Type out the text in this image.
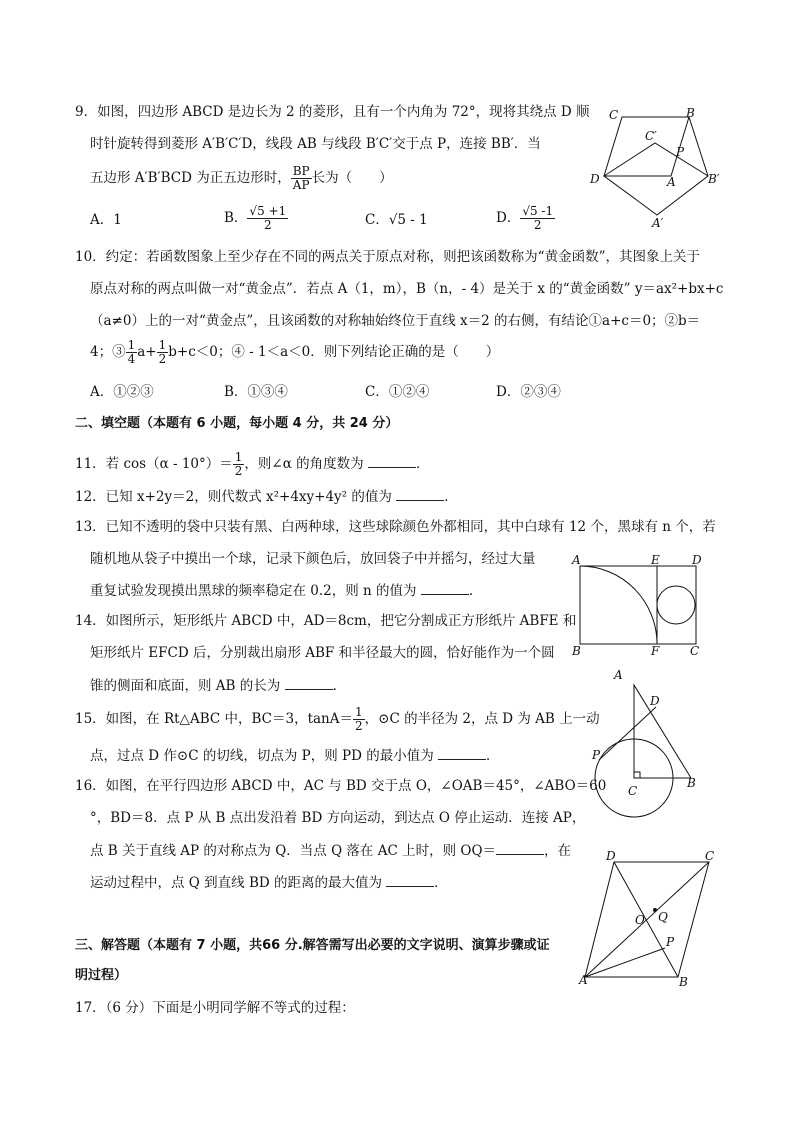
9．如图，四边形 ABCD 是边长为 2 的菱形，且有一个内角为 72°，现将其绕点 D 顺
时针旋转得到菱形 A′B′C′D，线段 AB 与线段 B′C′交于点 P，连接 BB′．当
五边形 A′B′BCD 为正五边形时， $\frac{BP}{AP}$ 长为（　　）
A．1	B． $\frac{√5 +1}{2}$	C．√5 - 1	D． $\frac{√5 -1}{2}$
C	B
C′
P
D	A	B′
A′
10．约定：若函数图象上至少存在不同的两点关于原点对称，则把该函数称为“黄金函数”，其图象上关于
原点对称的两点叫做一对“黄金点”．若点 A（1，m），B（n，- 4）是关于 x 的“黄金函数” y＝ax²+bx+c
（a≠0）上的一对“黄金点”，且该函数的对称轴始终位于直线 x＝2 的右侧，有结论①a+c＝0；②b＝
4；③ $\frac{1}{4} a+ \frac{1}{2} b+c<0$；④ - 1＜a＜0．则下列结论正确的是（　　）
A．①②③	B．①③④	C．①②④	D．②③④
二、填空题（本题有 6 小题，每小题 4 分，共 24 分）
11．若 $\cos(\alpha - 10^\circ)= \frac{1}{2}$ ，则∠α 的角度数为	．
12．已知 x+2y＝2，则代数式 x²+4xy+4y² 的值为	．
13．已知不透明的袋中只装有黑、白两种球，这些球除颜色外都相同，其中白球有 12 个，黑球有 n 个，若
随机地从袋子中摸出一个球，记录下颜色后，放回袋子中并摇匀，经过大量
重复试验发现摸出黑球的频率稳定在 0.2，则 n 的值为	．
14．如图所示，矩形纸片 ABCD 中，AD＝8cm，把它分割成正方形纸片 ABFE 和
矩形纸片 EFCD 后，分别裁出扇形 ABF 和半径最大的圆，恰好能作为一个圆
锥的侧面和底面，则 AB 的长为	．
A	E	D
B	F	C
15．如图，在 Rt△ABC 中，BC＝3，$\tan A= \frac{1}{2}$ ，⊙C 的半径为 2，点 D 为 AB 上一动
点，过点 D 作⊙C 的切线，切点为 P，则 PD 的最小值为	．
A
D
P
B
C
16．如图，在平行四边形 ABCD 中，AC 与 BD 交于点 O，∠OAB＝45°，∠ABO＝60
°，BD＝8．点 P 从 B 点出发沿着 BD 方向运动，到达点 O 停止运动．连接 AP，
点 B 关于直线 AP 的对称点为 Q．当点 Q 落在 AC 上时，则 OQ＝	，在
运动过程中，点 Q 到直线 BD 的距离的最大值为	．
D	C
Q
O
P
A	B
三、解答题（本题有 7 小题，共66 分.解答需写出必要的文字说明、演算步骤或证
明过程）
17．（6 分）下面是小明同学解不等式的过程：
